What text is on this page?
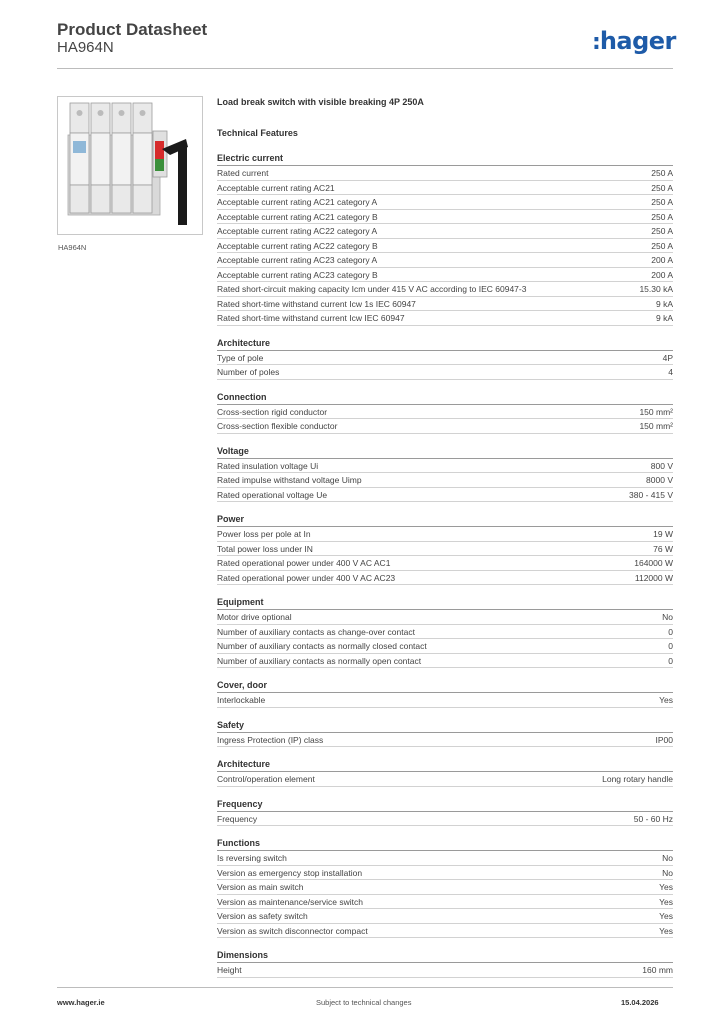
Product Datasheet
HA964N	:hager
HA964N
Load break switch with visible breaking 4P 250A
Technical Features
Electric current
Rated current	250 A
Acceptable current rating AC21	250 A
Acceptable current rating AC21 category A	250 A
Acceptable current rating AC21 category B	250 A
Acceptable current rating AC22 category A	250 A
Acceptable current rating AC22 category B	250 A
Acceptable current rating AC23 category A	200 A
Acceptable current rating AC23 category B	200 A
Rated short-circuit making capacity Icm under 415 V AC according to IEC 60947-3	15.30 kA
Rated short-time withstand current Icw 1s IEC 60947	9 kA
Rated short-time withstand current Icw IEC 60947	9 kA
Architecture
Type of pole	4P
Number of poles	4
Connection
Cross-section rigid conductor	150 mm²
Cross-section flexible conductor	150 mm²
Voltage
Rated insulation voltage Ui	800 V
Rated impulse withstand voltage Uimp	8000 V
Rated operational voltage Ue	380 - 415 V
Power
Power loss per pole at In	19 W
Total power loss under IN	76 W
Rated operational power under 400 V AC AC1	164000 W
Rated operational power under 400 V AC AC23	112000 W
Equipment
Motor drive optional	No
Number of auxiliary contacts as change-over contact	0
Number of auxiliary contacts as normally closed contact	0
Number of auxiliary contacts as normally open contact	0
Cover, door
Interlockable	Yes
Safety
Ingress Protection (IP) class	IP00
Architecture
Control/operation element	Long rotary handle
Frequency
Frequency	50 - 60 Hz
Functions
Is reversing switch	No
Version as emergency stop installation	No
Version as main switch	Yes
Version as maintenance/service switch	Yes
Version as safety switch	Yes
Version as switch disconnector compact	Yes
Dimensions
Height	160 mm
www.hager.ie	Subject to technical changes	15.04.2026
